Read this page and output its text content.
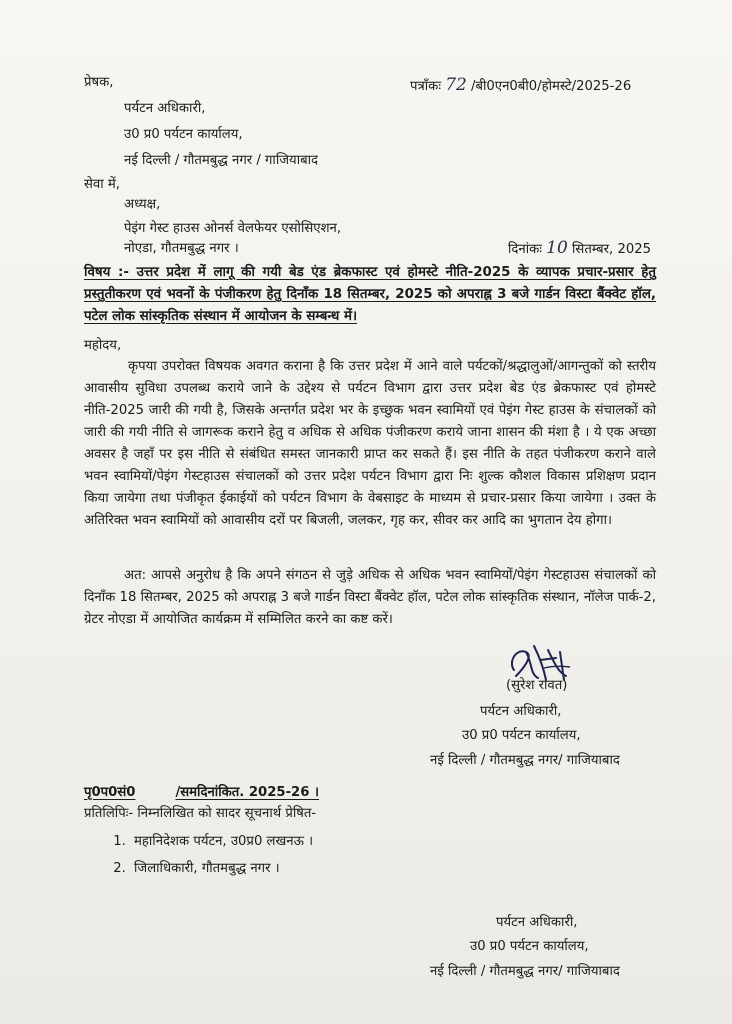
प्रेषक,
पर्यटन अधिकारी,
उ0 प्र0 पर्यटन कार्यालय,
नई दिल्ली / गौतमबुद्ध नगर / गाजियाबाद
पत्राँकः 72 /बी0एन0बी0/होमस्टे/2025-26
सेवा में,
अध्यक्ष,
पेइंग गेस्ट हाउस ओनर्स वेलफेयर एसोसिएशन,
नोएडा, गौतमबुद्ध नगर ।	दिनांकः 10 सितम्बर, 2025
विषय :- उत्तर प्रदेश में लागू की गयी बेड एंड ब्रेकफास्ट एवं होमस्टे नीति-2025 के व्यापक प्रचार-प्रसार हेतु प्रस्तुतीकरण एवं भवनों के पंजीकरण हेतु दिनाँक 18 सितम्बर, 2025 को अपराह्न 3 बजे गार्डन विस्टा बैंक्वेट हॉल, पटेल लोक सांस्कृतिक संस्थान में आयोजन के सम्बन्ध में।
महोदय,
कृपया उपरोक्त विषयक अवगत कराना है कि उत्तर प्रदेश में आने वाले पर्यटकों/श्रद्धालुओं/आगन्तुकों को स्तरीय आवासीय सुविधा उपलब्ध कराये जाने के उद्देश्य से पर्यटन विभाग द्वारा उत्तर प्रदेश बेड एंड ब्रेकफास्ट एवं होमस्टे नीति-2025 जारी की गयी है, जिसके अन्तर्गत प्रदेश भर के इच्छुक भवन स्वामियों एवं पेइंग गेस्ट हाउस के संचालकों को जारी की गयी नीति से जागरूक कराने हेतु व अधिक से अधिक पंजीकरण कराये जाना शासन की मंशा है । ये एक अच्छा अवसर है जहाँ पर इस नीति से संबंधित समस्त जानकारी प्राप्त कर सकते हैं। इस नीति के तहत पंजीकरण कराने वाले भवन स्वामियों/पेइंग गेस्टहाउस संचालकों को उत्तर प्रदेश पर्यटन विभाग द्वारा निः शुल्क कौशल विकास प्रशिक्षण प्रदान किया जायेगा तथा पंजीकृत ईकाईयों को पर्यटन विभाग के वेबसाइट के माध्यम से प्रचार-प्रसार किया जायेगा । उक्त के अतिरिक्त भवन स्वामियों को आवासीय दरों पर बिजली, जलकर, गृह कर, सीवर कर आदि का भुगतान देय होगा।
अत: आपसे अनुरोध है कि अपने संगठन से जुड़े अधिक से अधिक भवन स्वामियों/पेइंग गेस्टहाउस संचालकों को दिनाँक 18 सितम्बर, 2025 को अपराह्न 3 बजे गार्डन विस्टा बैंक्वेट हॉल, पटेल लोक सांस्कृतिक संस्थान, नॉलेज पार्क-2, ग्रेटर नोएडा में आयोजित कार्यक्रम में सम्मिलित करने का कष्ट करें।
(सुरेश रावत)
पर्यटन अधिकारी,
उ0 प्र0 पर्यटन कार्यालय,
नई दिल्ली / गौतमबुद्ध नगर/ गाजियाबाद
पृ0प0सं0	/समदिनांकित. 2025-26 ।
प्रतिलिपिः- निम्नलिखित को सादर सूचनार्थ प्रेषित-
1. महानिदेशक पर्यटन, उ0प्र0 लखनऊ ।
2. जिलाधिकारी, गौतमबुद्ध नगर ।
पर्यटन अधिकारी,
उ0 प्र0 पर्यटन कार्यालय,
नई दिल्ली / गौतमबुद्ध नगर/ गाजियाबाद
